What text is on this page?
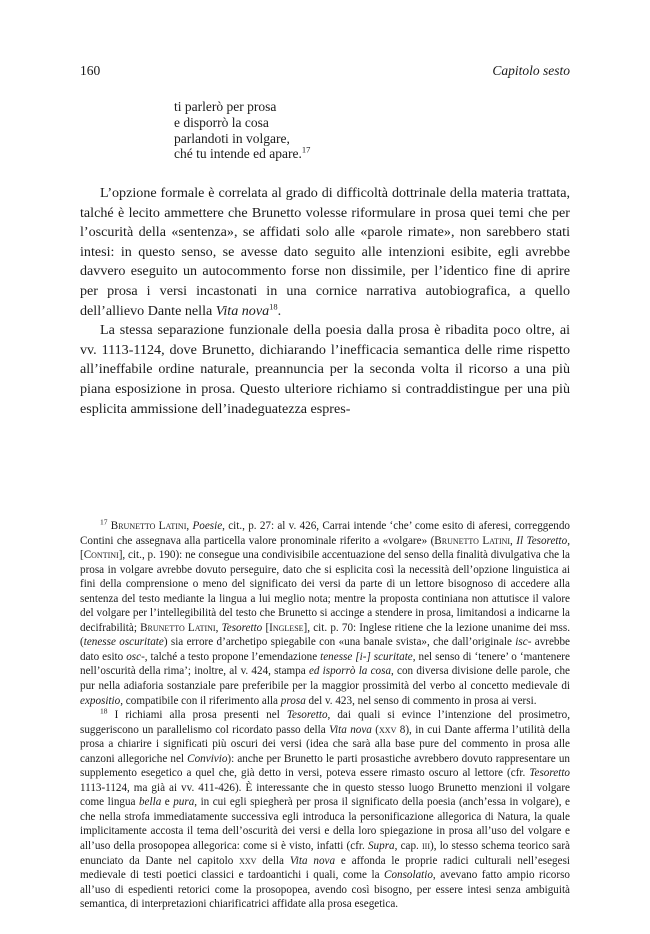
160	Capitolo sesto
ti parlerò per prosa
e disporrò la cosa
parlandoti in volgare,
ché tu intende ed apare.$^{17}$

L’opzione formale è correlata al grado di difficoltà dottrinale della materia trattata, talché è lecito ammettere che Brunetto volesse riformulare in prosa quei temi che per l’oscurità della «sentenza», se affidati solo alle «parole rimate», non sarebbero stati intesi: in questo senso, se avesse dato seguito alle intenzioni esibite, egli avrebbe davvero eseguito un autocommento forse non dissimile, per l’identico fine di aprire per prosa i versi incastonati in una cornice narrativa autobiografica, a quello dell’allievo Dante nella Vita nova$^{18}$.

La stessa separazione funzionale della poesia dalla prosa è ribadita poco oltre, ai vv. 1113-1124, dove Brunetto, dichiarando l’inefficacia semantica delle rime rispetto all’ineffabile ordine naturale, preannuncia per la seconda volta il ricorso a una più piana esposizione in prosa. Questo ulteriore richiamo si contraddistingue per una più esplicita ammissione dell’inadeguatezza espres-

$^{17}$ Brunetto Latini, Poesie, cit., p. 27: al v. 426, Carrai intende ‘che’ come esito di aferesi, correggendo Contini che assegnava alla particella valore pronominale riferito a «volgare» (Brunetto Latini, Il Tesoretto, [Contini], cit., p. 190): ne consegue una condivisibile accentuazione del senso della finalità divulgativa che la prosa in volgare avrebbe dovuto perseguire, dato che si esplicita così la necessità dell’opzione linguistica ai fini della comprensione o meno del significato dei versi da parte di un lettore bisognoso di accedere alla sentenza del testo mediante la lingua a lui meglio nota; mentre la proposta continiana non attutisce il valore del volgare per l’intellegibilità del testo che Brunetto si accinge a stendere in prosa, limitandosi a indicarne la decifrabilità; Brunetto Latini, Tesoretto [Inglese], cit. p. 70: Inglese ritiene che la lezione unanime dei mss. (tenesse oscuritate) sia errore d’archetipo spiegabile con «una banale svista», che dall’originale isc- avrebbe dato esito osc-, talché a testo propone l’emendazione tenesse [i-] scuritate, nel senso di ‘tenere’ o ‘mantenere nell’oscurità della rima’; inoltre, al v. 424, stampa ed isporrò la cosa, con diversa divisione delle parole, che pur nella adiaforia sostanziale pare preferibile per la maggior prossimità del verbo al concetto medievale di expositio, compatibile con il riferimento alla prosa del v. 423, nel senso di commento in prosa ai versi.

$^{18}$ I richiami alla prosa presenti nel Tesoretto, dai quali si evince l’intenzione del prosimetro, suggeriscono un parallelismo col ricordato passo della Vita nova (xxv 8), in cui Dante afferma l’utilità della prosa a chiarire i significati più oscuri dei versi (idea che sarà alla base pure del commento in prosa alle canzoni allegoriche nel Convivio): anche per Brunetto le parti prosastiche avrebbero dovuto rappresentare un supplemento esegetico a quel che, già detto in versi, poteva essere rimasto oscuro al lettore (cfr. Tesoretto 1113-1124, ma già ai vv. 411-426). È interessante che in questo stesso luogo Brunetto menzioni il volgare come lingua bella e pura, in cui egli spiegherà per prosa il significato della poesia (anch’essa in volgare), e che nella strofa immediatamente successiva egli introduca la personificazione allegorica di Natura, la quale implicitamente accosta il tema dell’oscurità dei versi e della loro spiegazione in prosa all’uso del volgare e all’uso della prosopopea allegorica: come si è visto, infatti (cfr. Supra, cap. iii), lo stesso schema teorico sarà enunciato da Dante nel capitolo xxv della Vita nova e affonda le proprie radici culturali nell’esegesi medievale di testi poetici classici e tardoantichi i quali, come la Consolatio, avevano fatto ampio ricorso all’uso di espedienti retorici come la prosopopea, avendo così bisogno, per essere intesi senza ambiguità semantica, di interpretazioni chiarificatrici affidate alla prosa esegetica.
